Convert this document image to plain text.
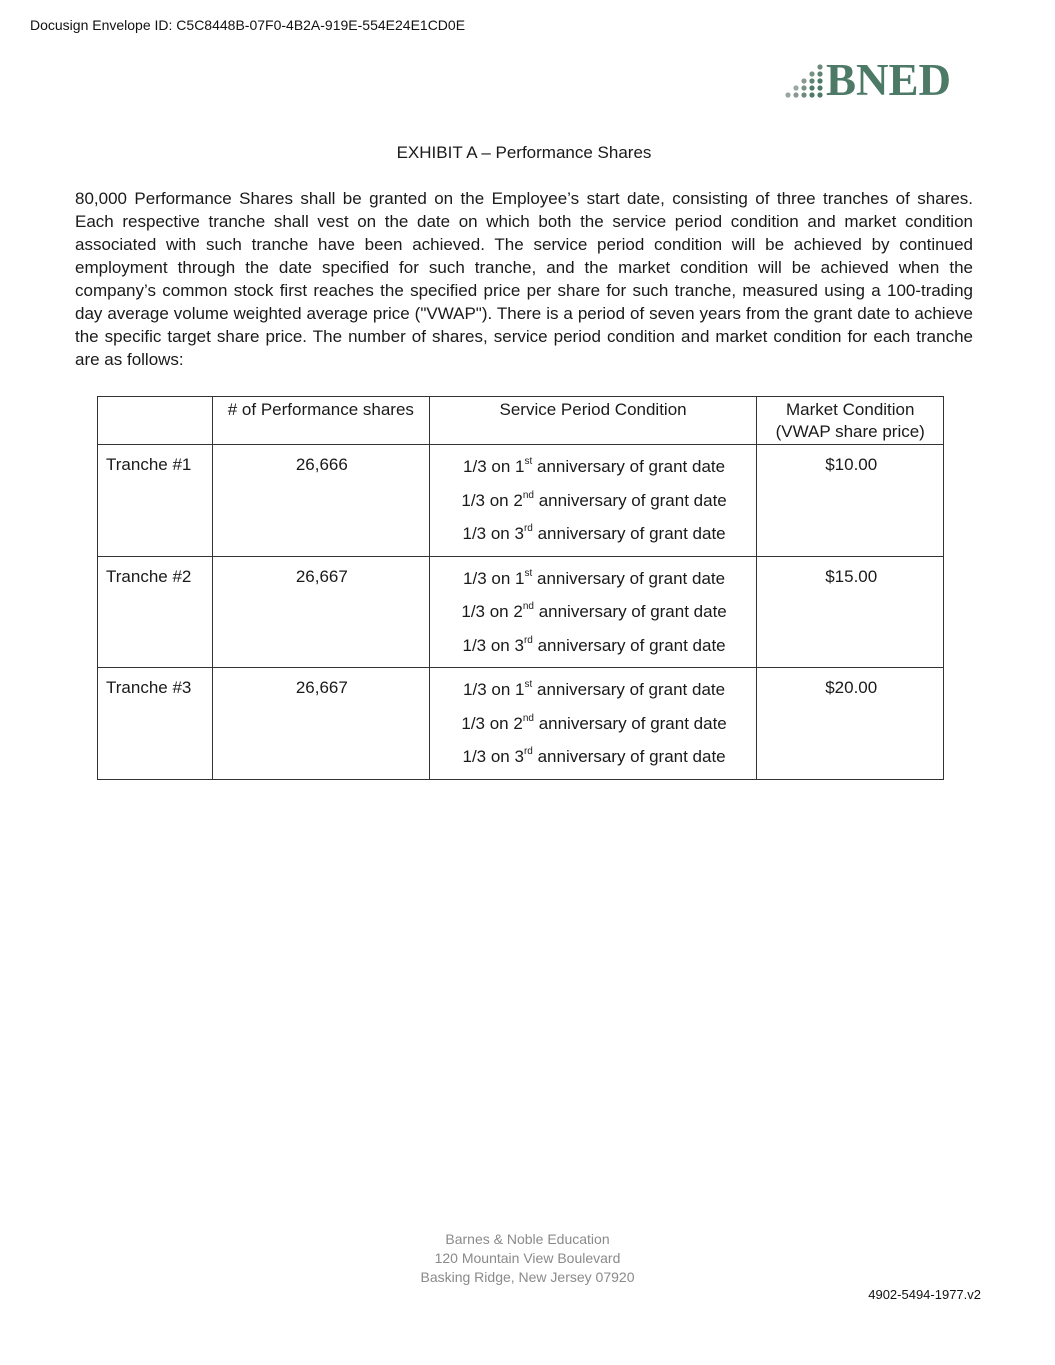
Docusign Envelope ID: C5C8448B-07F0-4B2A-919E-554E24E1CD0E
BNED
EXHIBIT A – Performance Shares
80,000 Performance Shares shall be granted on the Employee’s start date, consisting of three tranches of shares. Each respective tranche shall vest on the date on which both the service period condition and market condition associated with such tranche have been achieved. The service period condition will be achieved by continued employment through the date specified for such tranche, and the market condition will be achieved when the company’s common stock first reaches the specified price per share for such tranche, measured using a 100-trading day average volume weighted average price ("VWAP"). There is a period of seven years from the grant date to achieve the specific target share price. The number of shares, service period condition and market condition for each tranche are as follows:
	# of Performance shares	Service Period Condition	Market Condition
(VWAP share price)
Tranche #1	26,666	1/3 on 1st anniversary of grant date
1/3 on 2nd anniversary of grant date
1/3 on 3rd anniversary of grant date	$10.00
Tranche #2	26,667	1/3 on 1st anniversary of grant date
1/3 on 2nd anniversary of grant date
1/3 on 3rd anniversary of grant date	$15.00
Tranche #3	26,667	1/3 on 1st anniversary of grant date
1/3 on 2nd anniversary of grant date
1/3 on 3rd anniversary of grant date	$20.00
Barnes & Noble Education
120 Mountain View Boulevard
Basking Ridge, New Jersey 07920
4902-5494-1977.v2
